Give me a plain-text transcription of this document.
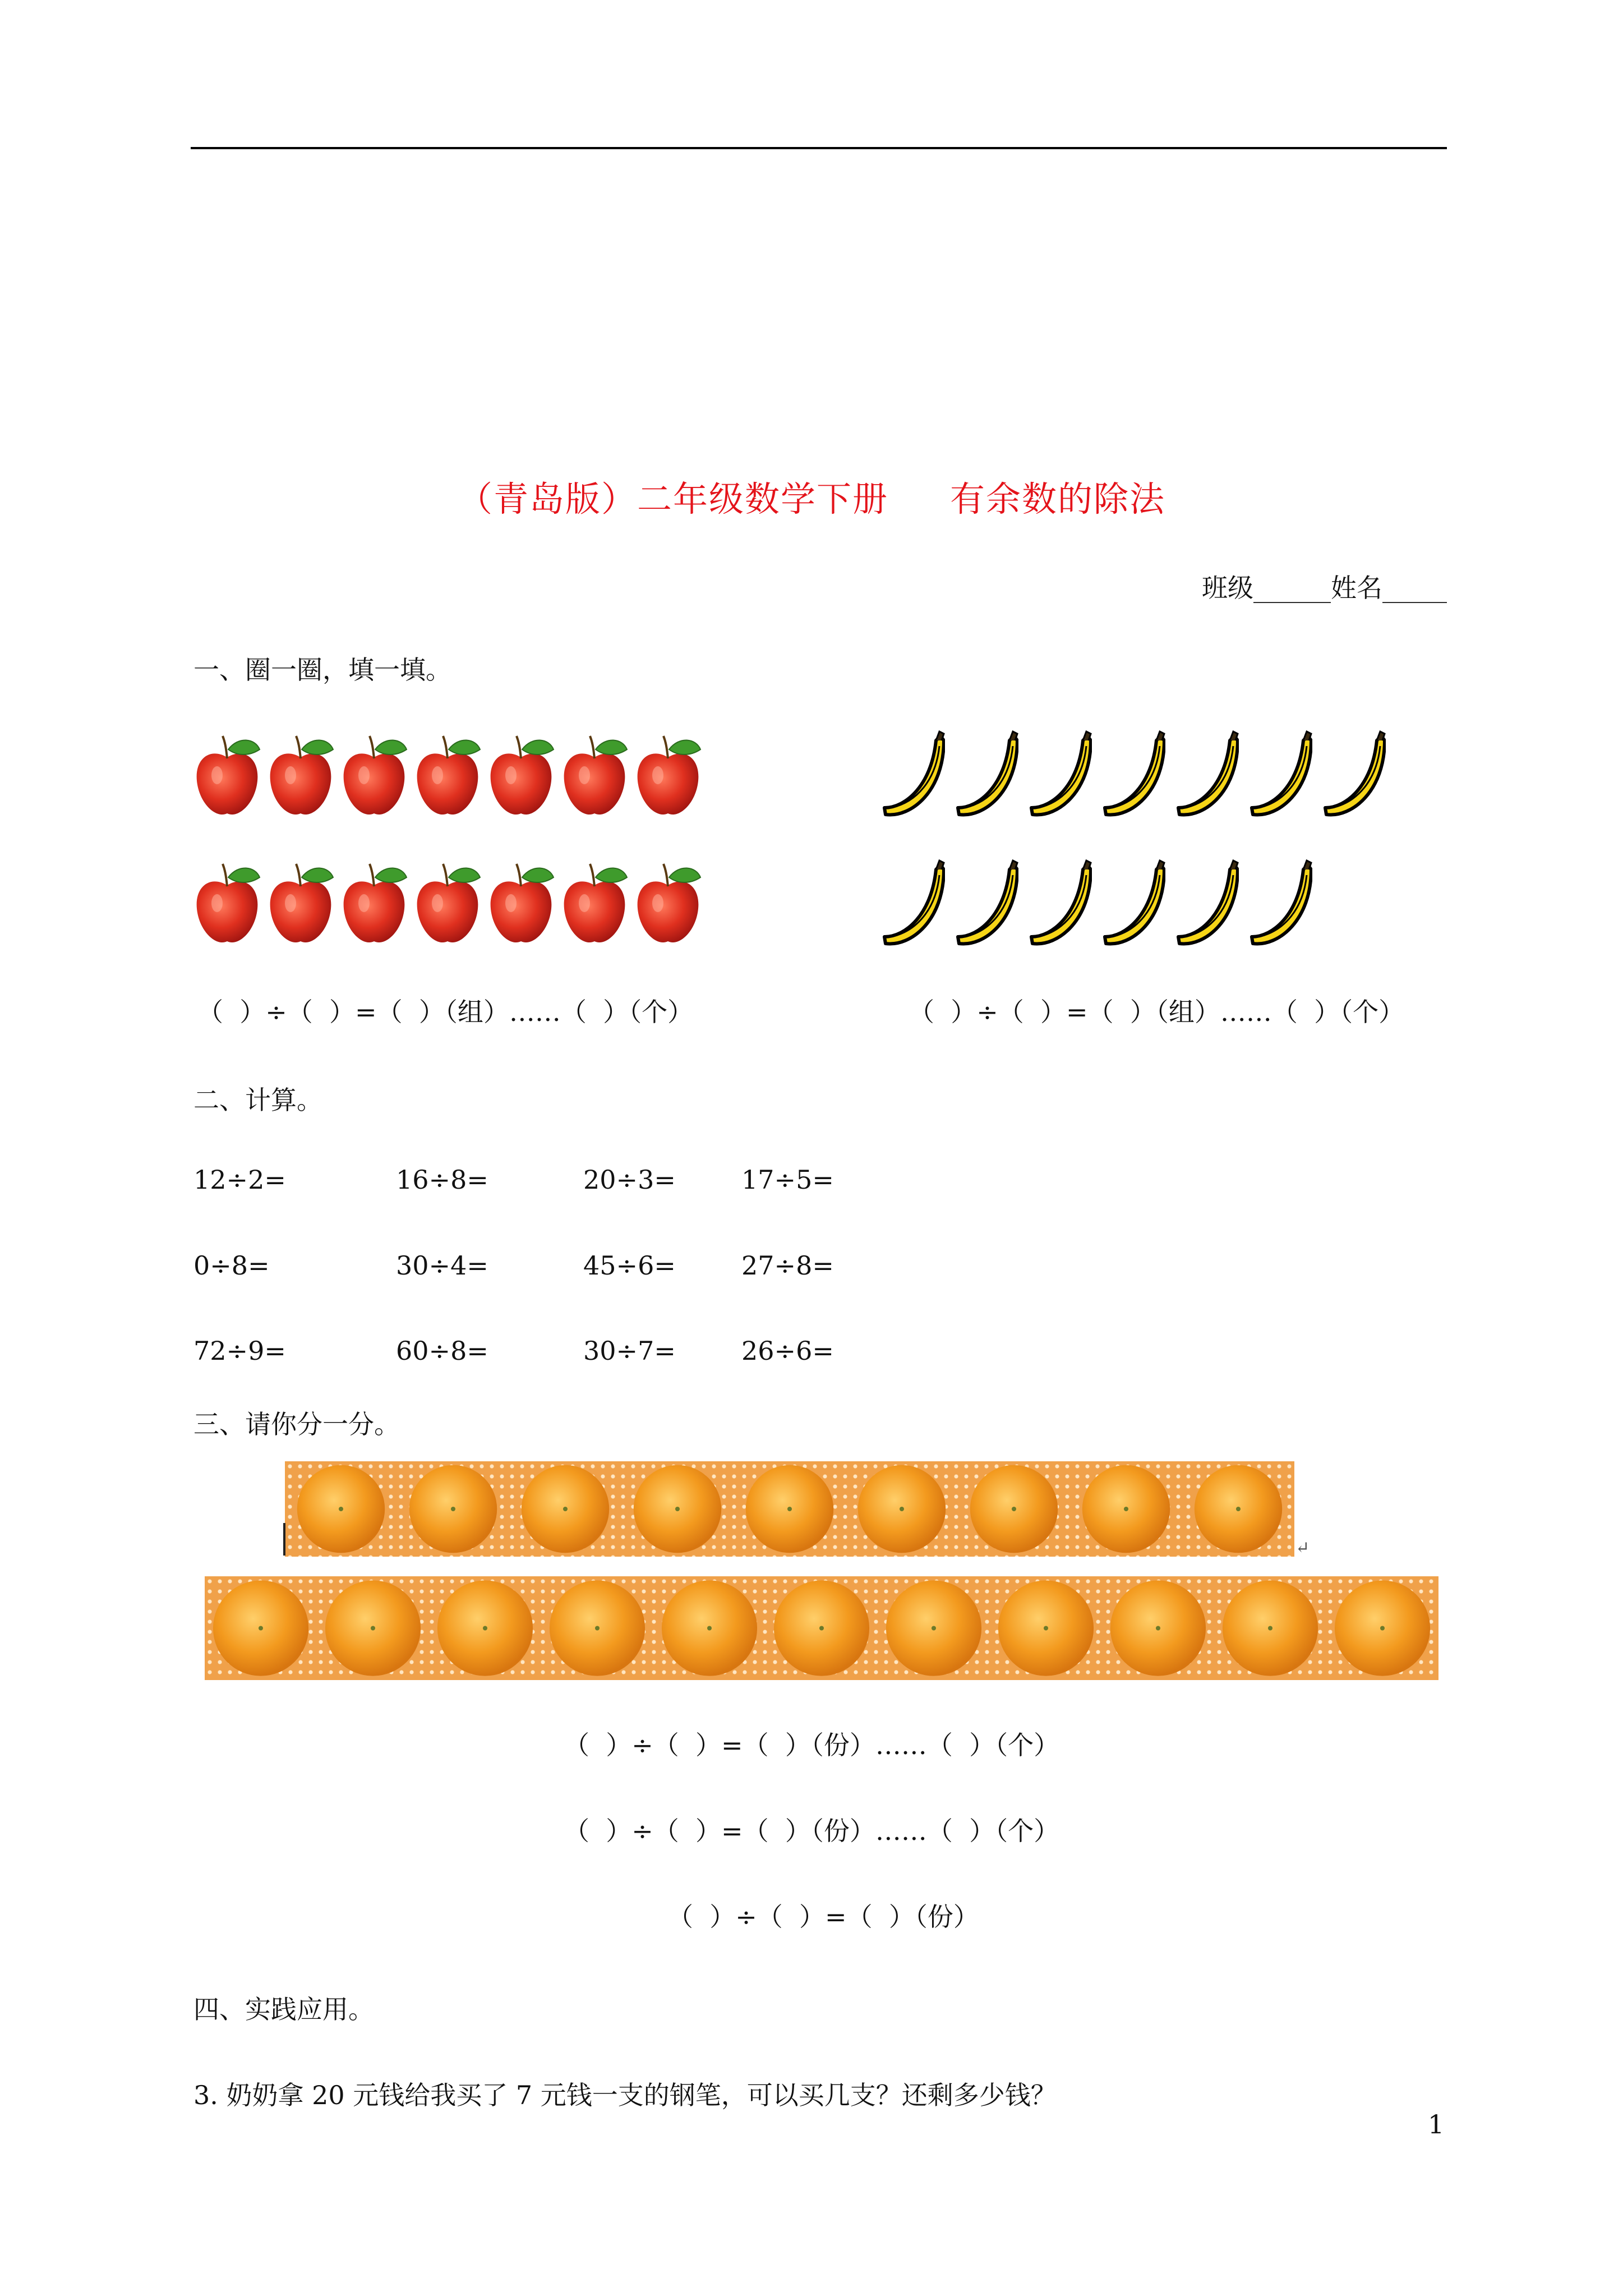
（青岛版）二年级数学下册 有余数的除法
班级______姓名_____
一、圈一圈，填一填。
（  ）÷（  ）=（  ）（组）……（  ）（个）	（  ）÷（  ）=（  ）（组）……（  ）（个）
二、计算。
12÷2=	16÷8=	20÷3=	17÷5=
0÷8=	30÷4=	45÷6=	27÷8=
72÷9=	60÷8=	30÷7=	26÷6=
三、请你分一分。
↵
（  ）÷（  ）=（  ）（份）……（  ）（个）
（  ）÷（  ）=（  ）（份）……（  ）（个）
（  ）÷（  ）=（  ）（份）
四、实践应用。
3. 奶奶拿 20 元钱给我买了 7 元钱一支的钢笔，可以买几支？还剩多少钱？
1
